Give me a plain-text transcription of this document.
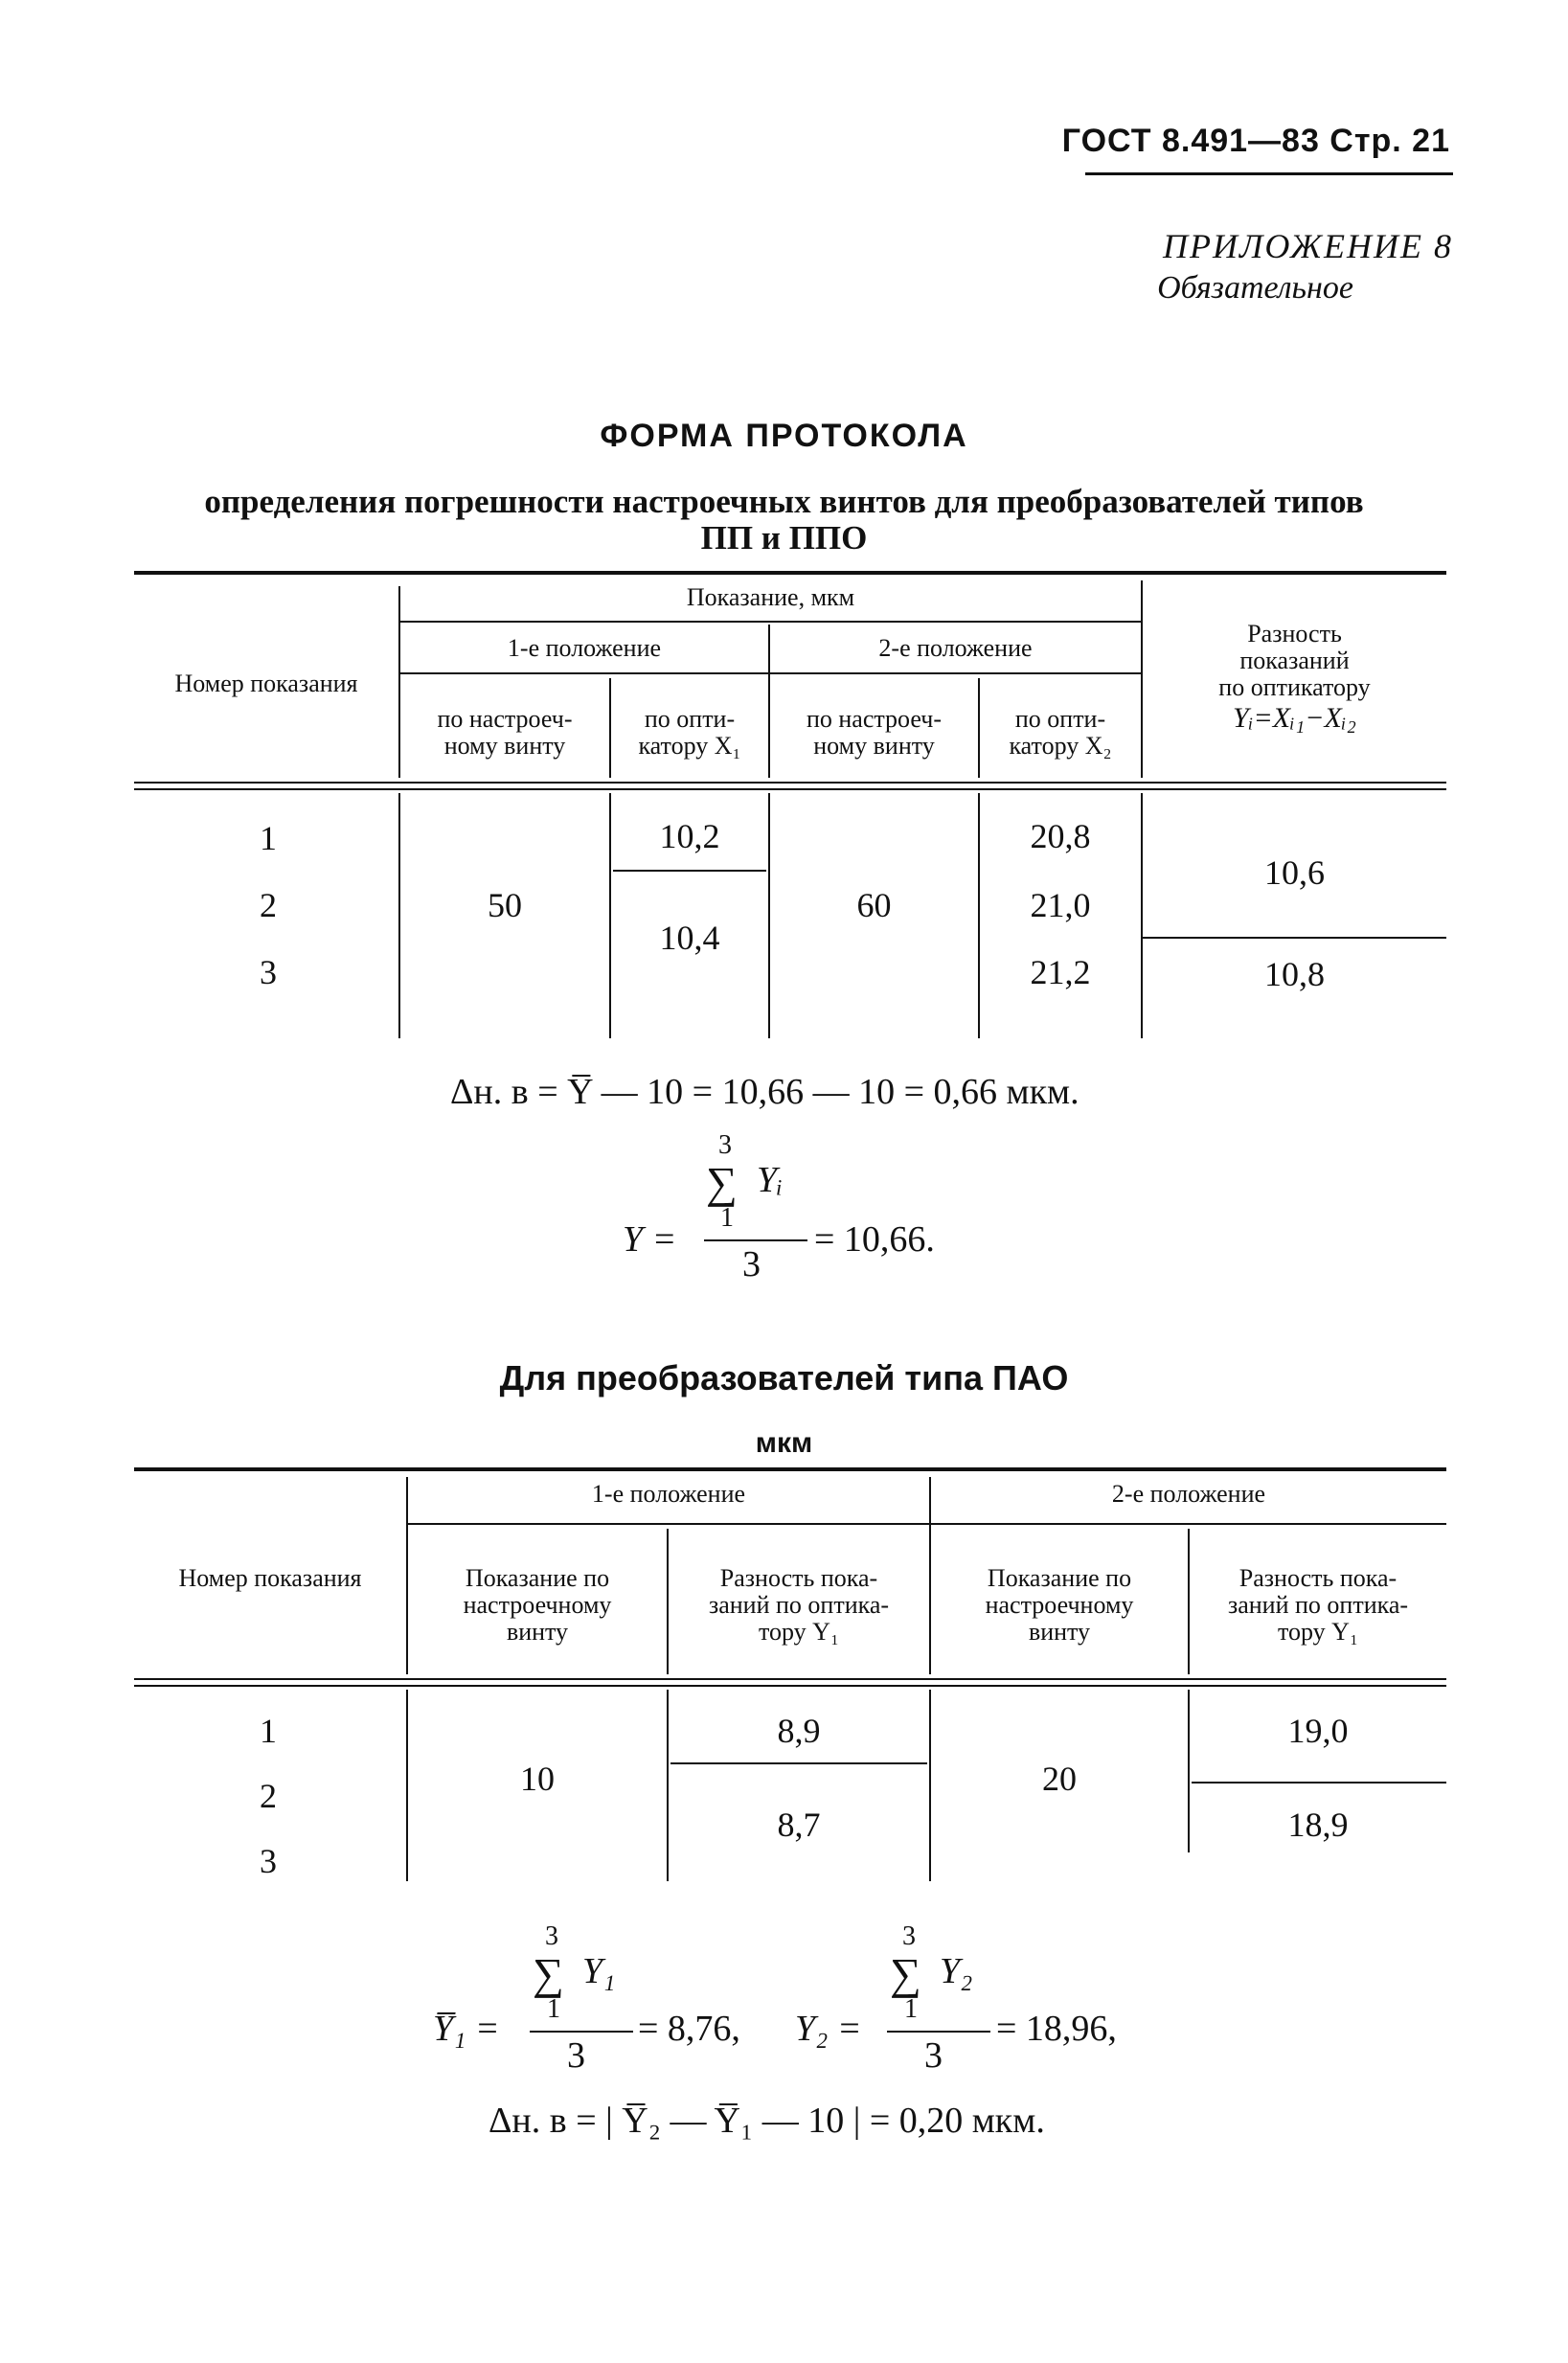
ГОСТ 8.491—83 Стр. 21
ПРИЛОЖЕНИЕ 8
Обязательное
ФОРМА ПРОТОКОЛА
определения погрешности настроечных винтов для преобразователей типов ПП и ППО
Номер показания
Показание, мкм
1-е положение	2-е положение
по настроеч-
ному винту
по опти-
катору X₁
по настроеч-
ному винту
по опти-
катору X₂
Разность
показаний
по оптикатору
Yᵢ=Xᵢ₁−Xᵢ₂
1
2
3
50
10,2
10,4
60
20,8
21,0
21,2
10,6
10,8
Δн. в = Y̅ — 10 = 10,66 — 10 = 0,66 мкм.
3
∑ Yᵢ
1
Y =
3
= 10,66.
Для преобразователей типа ПАО
мкм
Номер показания
1-е положение	2-е положение
Показание по
настроечному
винту
Разность пока-
заний по оптика-
тору Y₁
Показание по
настроечному
винту
Разность пока-
заний по оптика-
тору Y₁
1
2
3
10
8,9
8,7
20
19,0
18,9
3
∑ Y₁
1
Y̅₁ =
3
= 8,76,
3
∑ Y₂
1
Y₂ =
3
= 18,96,
Δн. в = | Y̅₂ — Y̅₁ — 10 | = 0,20 мкм.
